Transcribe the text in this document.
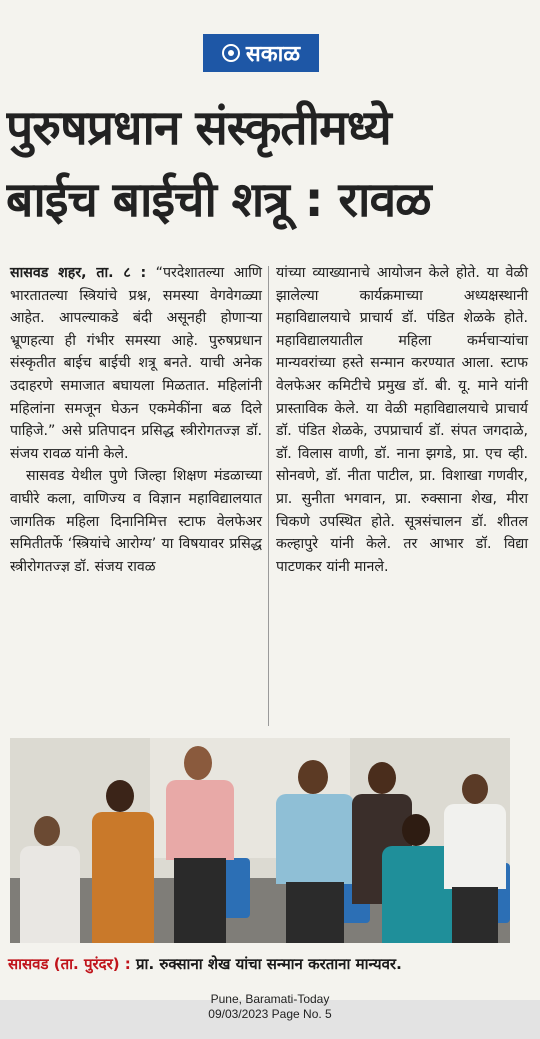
सकाळ
पुरुषप्रधान संस्कृतीमध्ये
बाईच बाईची शत्रू : रावळ

सासवड शहर, ता. ८ : “परदेशातल्या आणि भारतातल्या स्त्रियांचे प्रश्न, समस्या वेगवेगळ्या आहेत. आपल्याकडे बंदी असूनही होणाऱ्या भ्रूणहत्या ही गंभीर समस्या आहे. पुरुषप्रधान संस्कृतीत बाईच बाईची शत्रू बनते. याची अनेक उदाहरणे समाजात बघायला मिळतात. महिलांनी महिलांना समजून घेऊन एकमेकींना बळ दिले पाहिजे.” असे प्रतिपादन प्रसिद्ध स्त्रीरोगतज्ज्ञ डॉ. संजय रावळ यांनी केले.

सासवड येथील पुणे जिल्हा शिक्षण मंडळाच्या वाघीरे कला, वाणिज्य व विज्ञान महाविद्यालयात जागतिक महिला दिनानिमित्त स्टाफ वेलफेअर समितीतर्फे ‘स्त्रियांचे आरोग्य’ या विषयावर प्रसिद्ध स्त्रीरोगतज्ज्ञ डॉ. संजय रावळ

यांच्या व्याख्यानाचे आयोजन केले होते. या वेळी झालेल्या कार्यक्रमाच्या अध्यक्षस्थानी महाविद्यालयाचे प्राचार्य डॉ. पंडित शेळके होते. महाविद्यालयातील महिला कर्मचाऱ्यांचा मान्यवरांच्या हस्ते सन्मान करण्यात आला. स्टाफ वेलफेअर कमिटीचे प्रमुख डॉ. बी. यू. माने यांनी प्रास्ताविक केले. या वेळी महाविद्यालयाचे प्राचार्य डॉ. पंडित शेळके, उपप्राचार्य डॉ. संपत जगदाळे, डॉ. विलास वाणी, डॉ. नाना झगडे, प्रा. एच व्ही. सोनवणे, डॉ. नीता पाटील, प्रा. विशाखा गणवीर, प्रा. सुनीता भगवान, प्रा. रुक्साना शेख, मीरा चिकणे उपस्थित होते. सूत्रसंचालन डॉ. शीतल कल्हापुरे यांनी केले. तर आभार डॉ. विद्या पाटणकर यांनी मानले.

सासवड (ता. पुरंदर) : प्रा. रुक्साना शेख यांचा सन्मान करताना मान्यवर.
Pune, Baramati-Today
09/03/2023 Page No. 5
